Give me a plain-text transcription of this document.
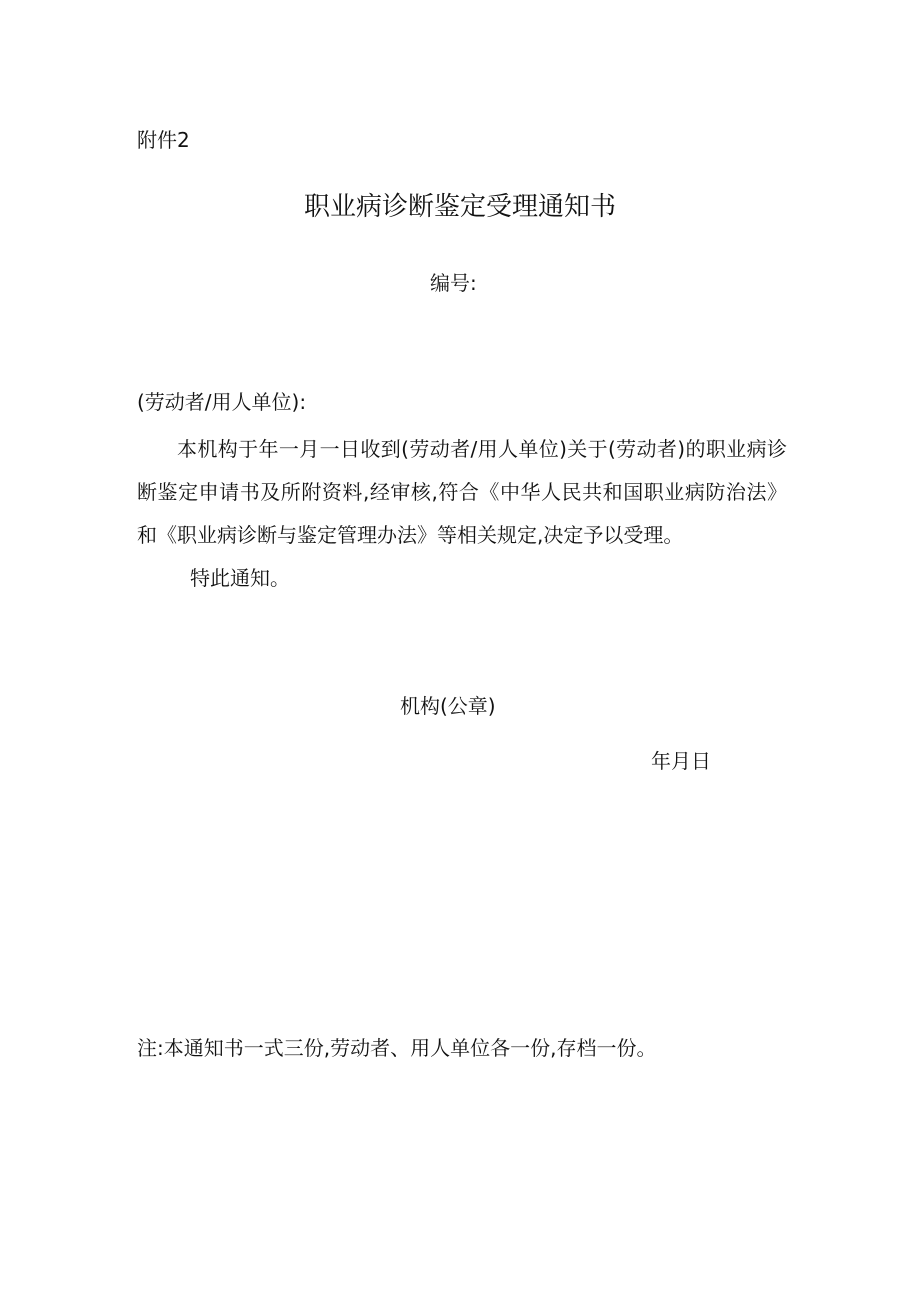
附件2
职业病诊断鉴定受理通知书
编号:
(劳动者/用人单位):

本机构于年一月一日收到(劳动者/用人单位)关于(劳动者)的职业病诊断鉴定申请书及所附资料,经审核,符合《中华人民共和国职业病防治法》和《职业病诊断与鉴定管理办法》等相关规定,决定予以受理。

特此通知。
机构(公章)
年月日
注:本通知书一式三份,劳动者、用人单位各一份,存档一份。
